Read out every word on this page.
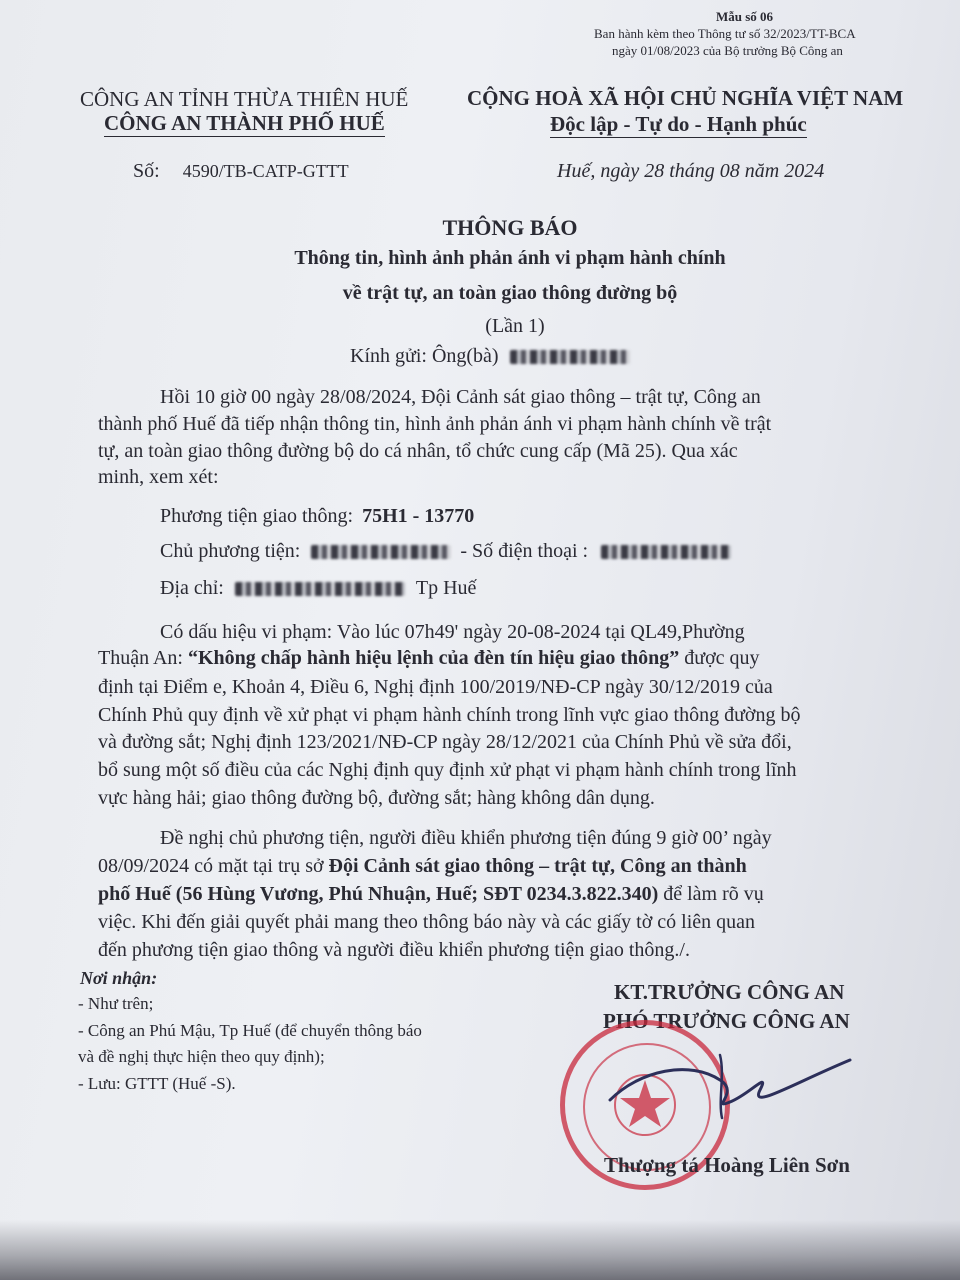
Mẫu số 06
Ban hành kèm theo Thông tư số 32/2023/TT-BCA
ngày 01/08/2023 của Bộ trưởng Bộ Công an
CÔNG AN TỈNH THỪA THIÊN HUẾ
CÔNG AN THÀNH PHỐ HUẾ
Số: 4590/TB-CATP-GTTT
CỘNG HOÀ XÃ HỘI CHỦ NGHĨA VIỆT NAM
Độc lập - Tự do - Hạnh phúc
Huế, ngày 28 tháng 08 năm 2024
THÔNG BÁO
Thông tin, hình ảnh phản ánh vi phạm hành chính
về trật tự, an toàn giao thông đường bộ
(Lần 1)
Kính gửi: Ông(bà)
Hồi 10 giờ 00 ngày 28/08/2024, Đội Cảnh sát giao thông – trật tự, Công an
thành phố Huế đã tiếp nhận thông tin, hình ảnh phản ánh vi phạm hành chính về trật
tự, an toàn giao thông đường bộ do cá nhân, tổ chức cung cấp (Mã 25). Qua xác
minh, xem xét:
Phương tiện giao thông: 75H1 - 13770
Chủ phương tiện:	- Số điện thoại :
Địa chỉ:	Tp Huế
Có dấu hiệu vi phạm: Vào lúc 07h49' ngày 20-08-2024 tại QL49,Phường
Thuận An: “Không chấp hành hiệu lệnh của đèn tín hiệu giao thông” được quy
định tại Điểm e, Khoản 4, Điều 6, Nghị định 100/2019/NĐ-CP ngày 30/12/2019 của
Chính Phủ quy định về xử phạt vi phạm hành chính trong lĩnh vực giao thông đường bộ
và đường sắt; Nghị định 123/2021/NĐ-CP ngày 28/12/2021 của Chính Phủ về sửa đổi,
bổ sung một số điều của các Nghị định quy định xử phạt vi phạm hành chính trong lĩnh
vực hàng hải; giao thông đường bộ, đường sắt; hàng không dân dụng.
Đề nghị chủ phương tiện, người điều khiển phương tiện đúng 9 giờ 00’ ngày
08/09/2024 có mặt tại trụ sở Đội Cảnh sát giao thông – trật tự, Công an thành
phố Huế (56 Hùng Vương, Phú Nhuận, Huế; SĐT 0234.3.822.340) để làm rõ vụ
việc. Khi đến giải quyết phải mang theo thông báo này và các giấy tờ có liên quan
đến phương tiện giao thông và người điều khiển phương tiện giao thông./.
Nơi nhận:
- Như trên;
- Công an Phú Mậu, Tp Huế (để chuyển thông báo
và đề nghị thực hiện theo quy định);
- Lưu: GTTT (Huế -S).
KT.TRƯỞNG CÔNG AN
PHÓ TRƯỞNG CÔNG AN
Thượng tá Hoàng Liên Sơn
